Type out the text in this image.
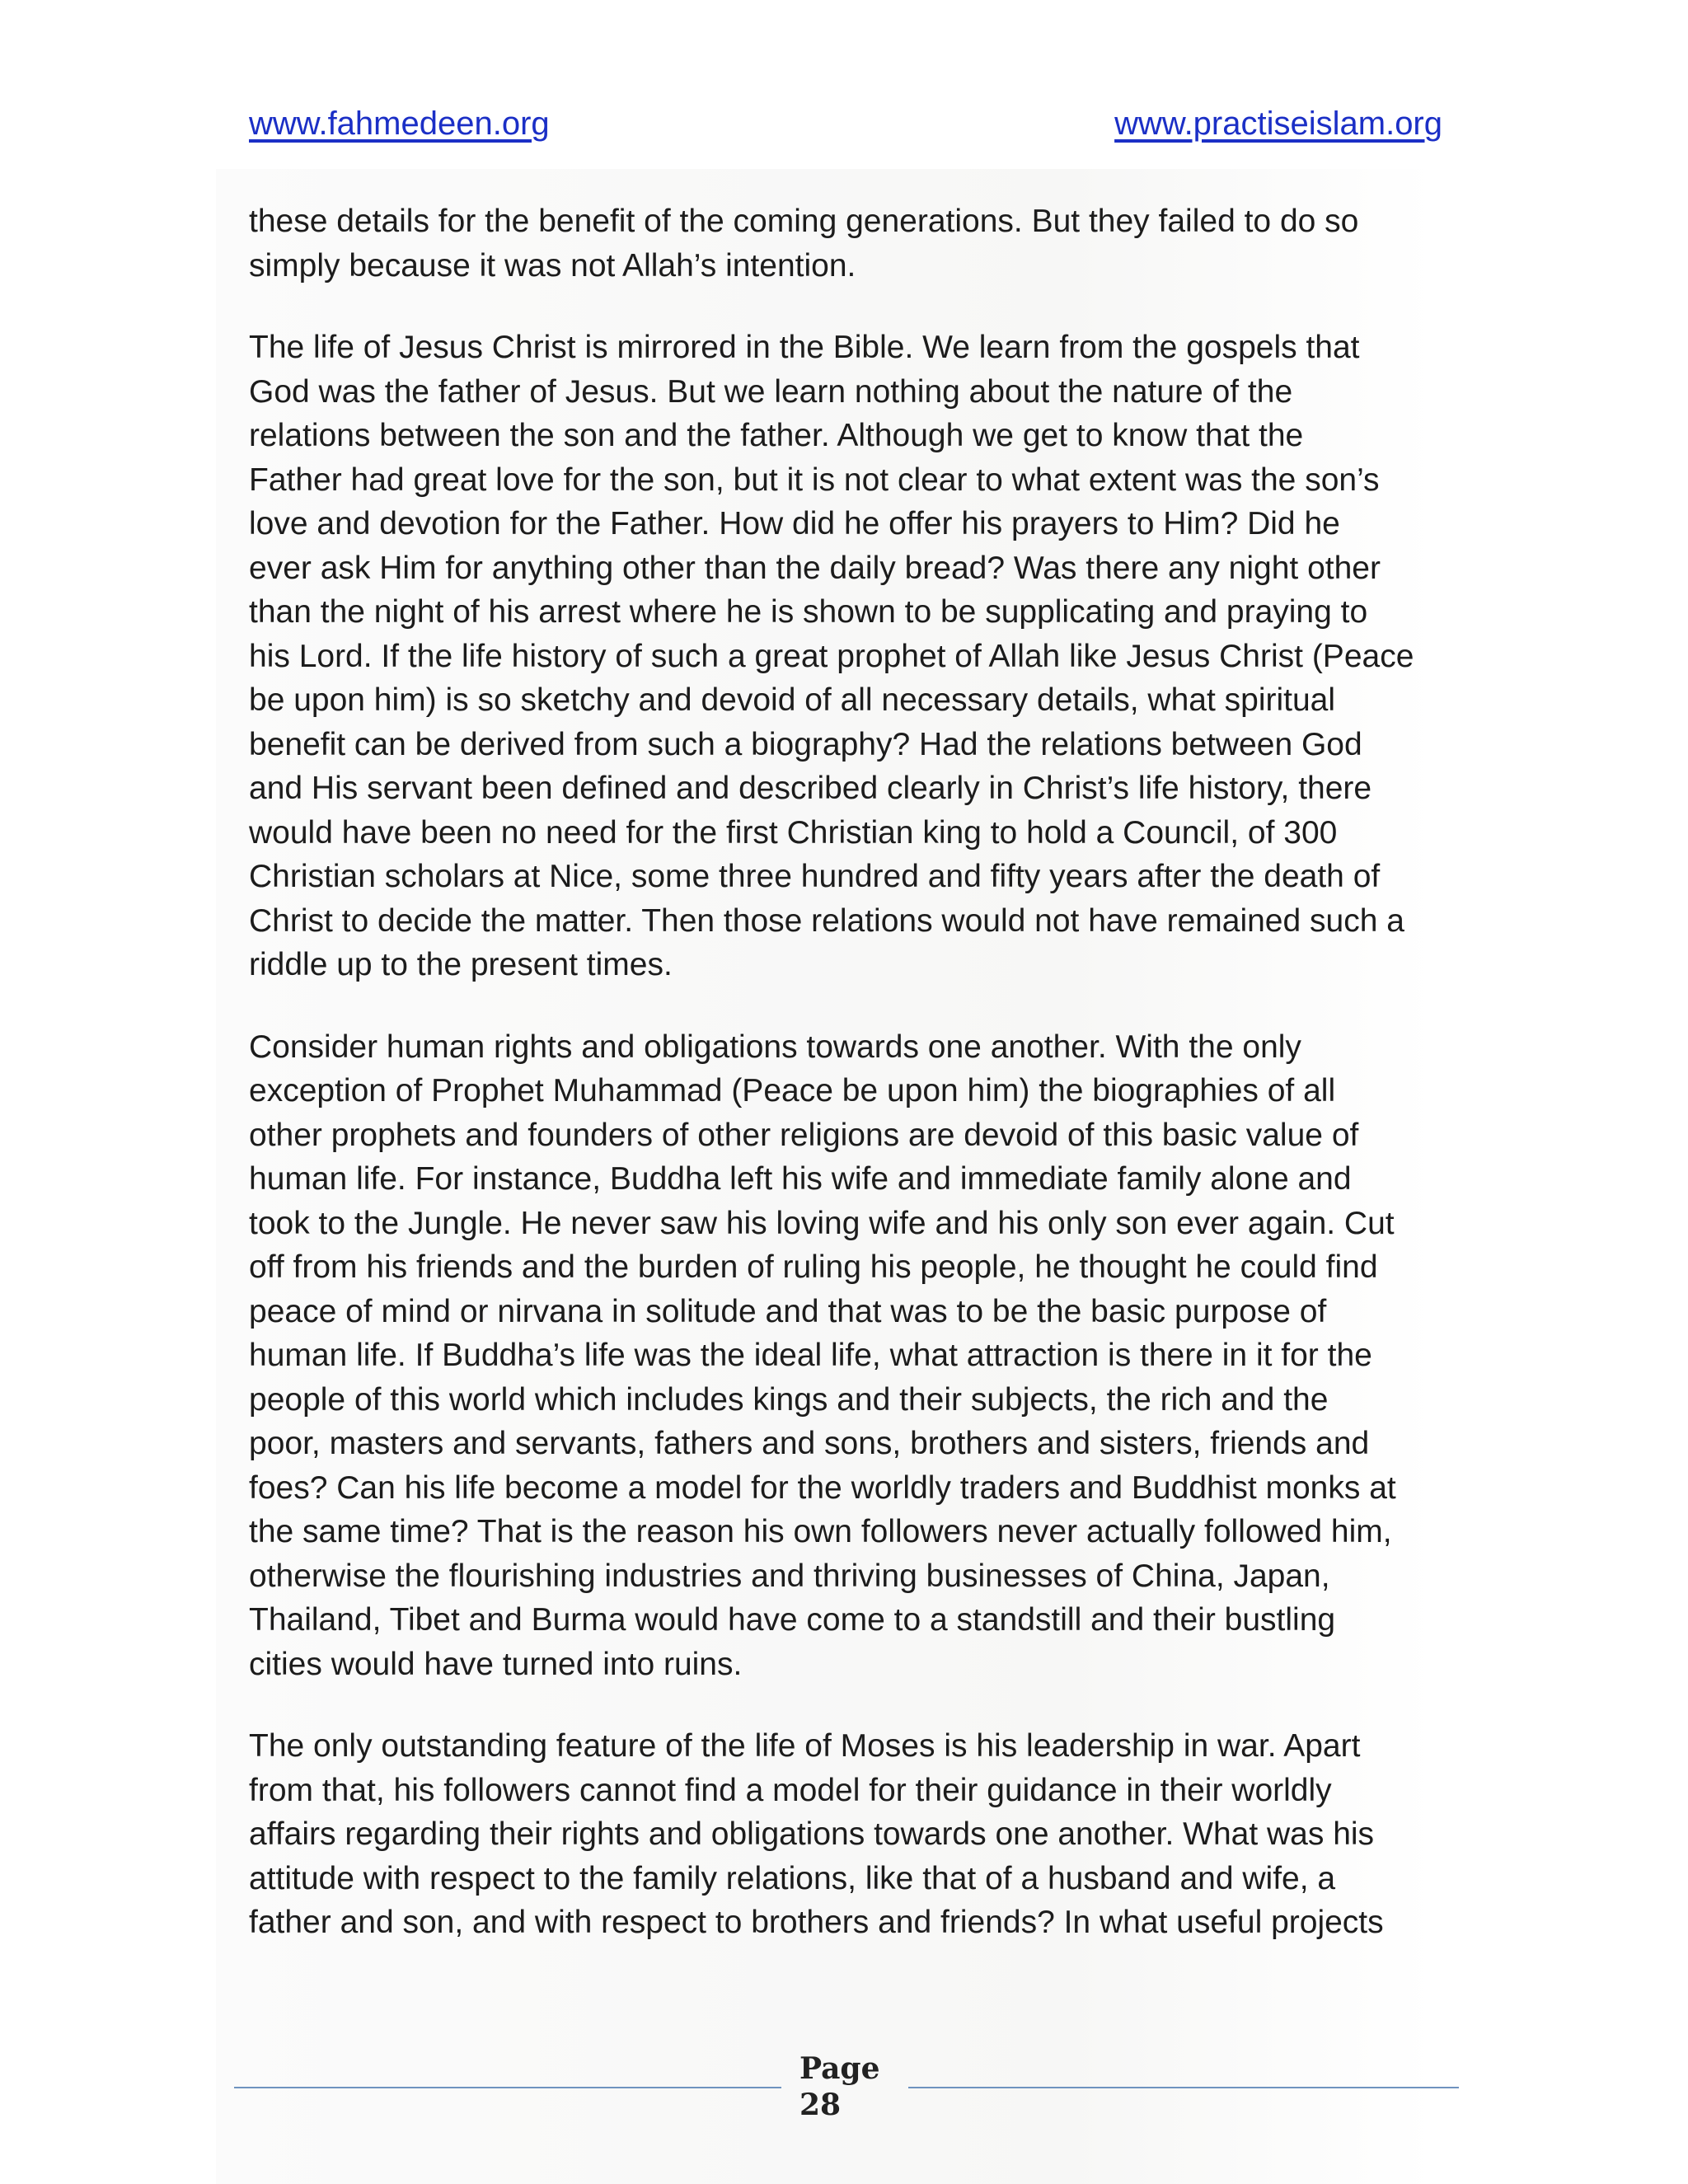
www.fahmedeen.org	www.practiseislam.org

these details for the benefit of the coming generations. But they failed to do so
simply because it was not Allah’s intention.

The life of Jesus Christ is mirrored in the Bible. We learn from the gospels that
God was the father of Jesus. But we learn nothing about the nature of the
relations between the son and the father. Although we get to know that the
Father had great love for the son, but it is not clear to what extent was the son’s
love and devotion for the Father. How did he offer his prayers to Him? Did he
ever ask Him for anything other than the daily bread? Was there any night other
than the night of his arrest where he is shown to be supplicating and praying to
his Lord. If the life history of such a great prophet of Allah like Jesus Christ (Peace
be upon him) is so sketchy and devoid of all necessary details, what spiritual
benefit can be derived from such a biography? Had the relations between God
and His servant been defined and described clearly in Christ’s life history, there
would have been no need for the first Christian king to hold a Council, of 300
Christian scholars at Nice, some three hundred and fifty years after the death of
Christ to decide the matter. Then those relations would not have remained such a
riddle up to the present times.

Consider human rights and obligations towards one another. With the only
exception of Prophet Muhammad (Peace be upon him) the biographies of all
other prophets and founders of other religions are devoid of this basic value of
human life. For instance, Buddha left his wife and immediate family alone and
took to the Jungle. He never saw his loving wife and his only son ever again. Cut
off from his friends and the burden of ruling his people, he thought he could find
peace of mind or nirvana in solitude and that was to be the basic purpose of
human life. If Buddha’s life was the ideal life, what attraction is there in it for the
people of this world which includes kings and their subjects, the rich and the
poor, masters and servants, fathers and sons, brothers and sisters, friends and
foes? Can his life become a model for the worldly traders and Buddhist monks at
the same time? That is the reason his own followers never actually followed him,
otherwise the flourishing industries and thriving businesses of China, Japan,
Thailand, Tibet and Burma would have come to a standstill and their bustling
cities would have turned into ruins.

The only outstanding feature of the life of Moses is his leadership in war. Apart
from that, his followers cannot find a model for their guidance in their worldly
affairs regarding their rights and obligations towards one another. What was his
attitude with respect to the family relations, like that of a husband and wife, a
father and son, and with respect to brothers and friends? In what useful projects

Page
28
